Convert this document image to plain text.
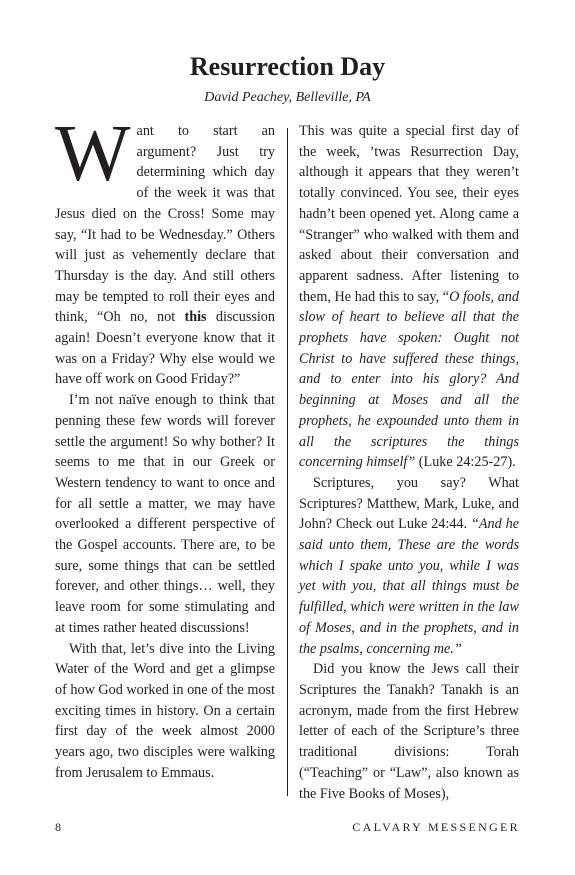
Resurrection Day
David Peachey, Belleville, PA

Want to start an argument? Just try determining which day of the week it was that Jesus died on the Cross! Some may say, “It had to be Wednesday.” Others will just as vehemently declare that Thursday is the day. And still others may be tempted to roll their eyes and think, “Oh no, not this discussion again! Doesn’t everyone know that it was on a Friday? Why else would we have off work on Good Friday?”

I’m not naïve enough to think that penning these few words will forever settle the argument! So why bother? It seems to me that in our Greek or Western tendency to want to once and for all settle a matter, we may have overlooked a different perspective of the Gospel accounts. There are, to be sure, some things that can be settled forever, and other things… well, they leave room for some stimulating and at times rather heated discussions!

With that, let’s dive into the Living Water of the Word and get a glimpse of how God worked in one of the most exciting times in history. On a certain first day of the week almost 2000 years ago, two disciples were walking from Jerusalem to Emmaus.

This was quite a special first day of the week, ’twas Resurrection Day, although it appears that they weren’t totally convinced. You see, their eyes hadn’t been opened yet. Along came a “Stranger” who walked with them and asked about their conversation and apparent sadness. After listening to them, He had this to say, “O fools, and slow of heart to believe all that the prophets have spoken: Ought not Christ to have suffered these things, and to enter into his glory? And beginning at Moses and all the prophets, he expounded unto them in all the scriptures the things concerning himself” (Luke 24:25-27).

Scriptures, you say? What Scriptures? Matthew, Mark, Luke, and John? Check out Luke 24:44. “And he said unto them, These are the words which I spake unto you, while I was yet with you, that all things must be fulfilled, which were written in the law of Moses, and in the prophets, and in the psalms, concerning me.”

Did you know the Jews call their Scriptures the Tanakh? Tanakh is an acronym, made from the first Hebrew letter of each of the Scripture’s three traditional divisions: Torah (“Teaching” or “Law”, also known as the Five Books of Moses),

8	CALVARY MESSENGER
